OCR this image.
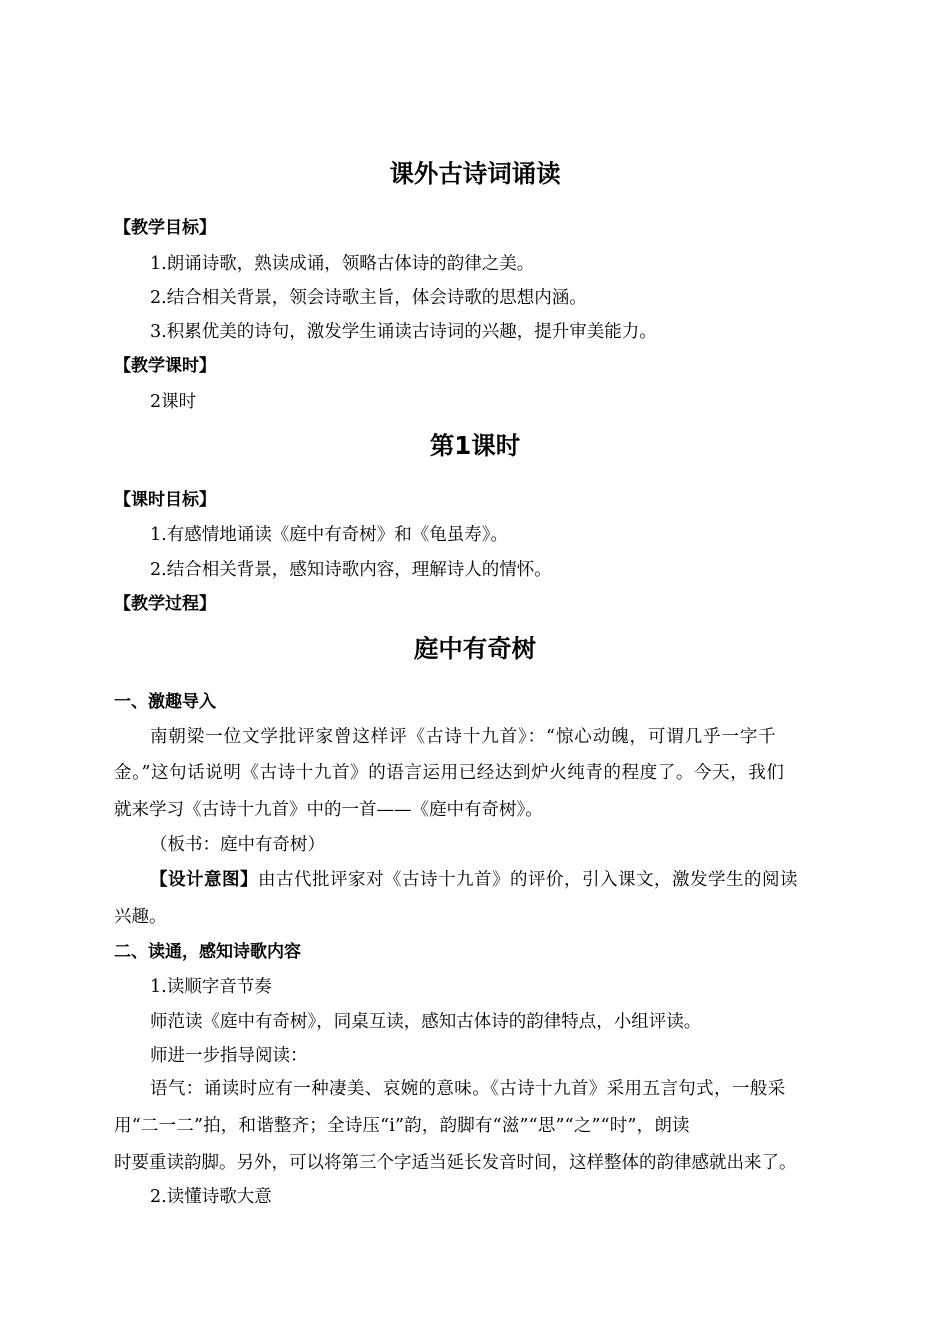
课外古诗词诵读
【教学目标】
1.朗诵诗歌，熟读成诵，领略古体诗的韵律之美。
2.结合相关背景，领会诗歌主旨，体会诗歌的思想内涵。
3.积累优美的诗句，激发学生诵读古诗词的兴趣，提升审美能力。
【教学课时】
2课时
第1课时
【课时目标】
1.有感情地诵读《庭中有奇树》和《龟虽寿》。
2.结合相关背景，感知诗歌内容，理解诗人的情怀。
【教学过程】
庭中有奇树
一、激趣导入
南朝梁一位文学批评家曾这样评《古诗十九首》：“惊心动魄，可谓几乎一字千
金。”这句话说明《古诗十九首》的语言运用已经达到炉火纯青的程度了。今天，我们
就来学习《古诗十九首》中的一首——《庭中有奇树》。
（板书：庭中有奇树）
【设计意图】由古代批评家对《古诗十九首》的评价，引入课文，激发学生的阅读
兴趣。
二、读通，感知诗歌内容
1.读顺字音节奏
师范读《庭中有奇树》，同桌互读，感知古体诗的韵律特点，小组评读。
师进一步指导阅读：
语气：诵读时应有一种凄美、哀婉的意味。《古诗十九首》采用五言句式，一般采
用“二一二”拍，和谐整齐；全诗压“i”韵，韵脚有“滋”“思”“之”“时”，朗读
时要重读韵脚。另外，可以将第三个字适当延长发音时间，这样整体的韵律感就出来了。
2.读懂诗歌大意
